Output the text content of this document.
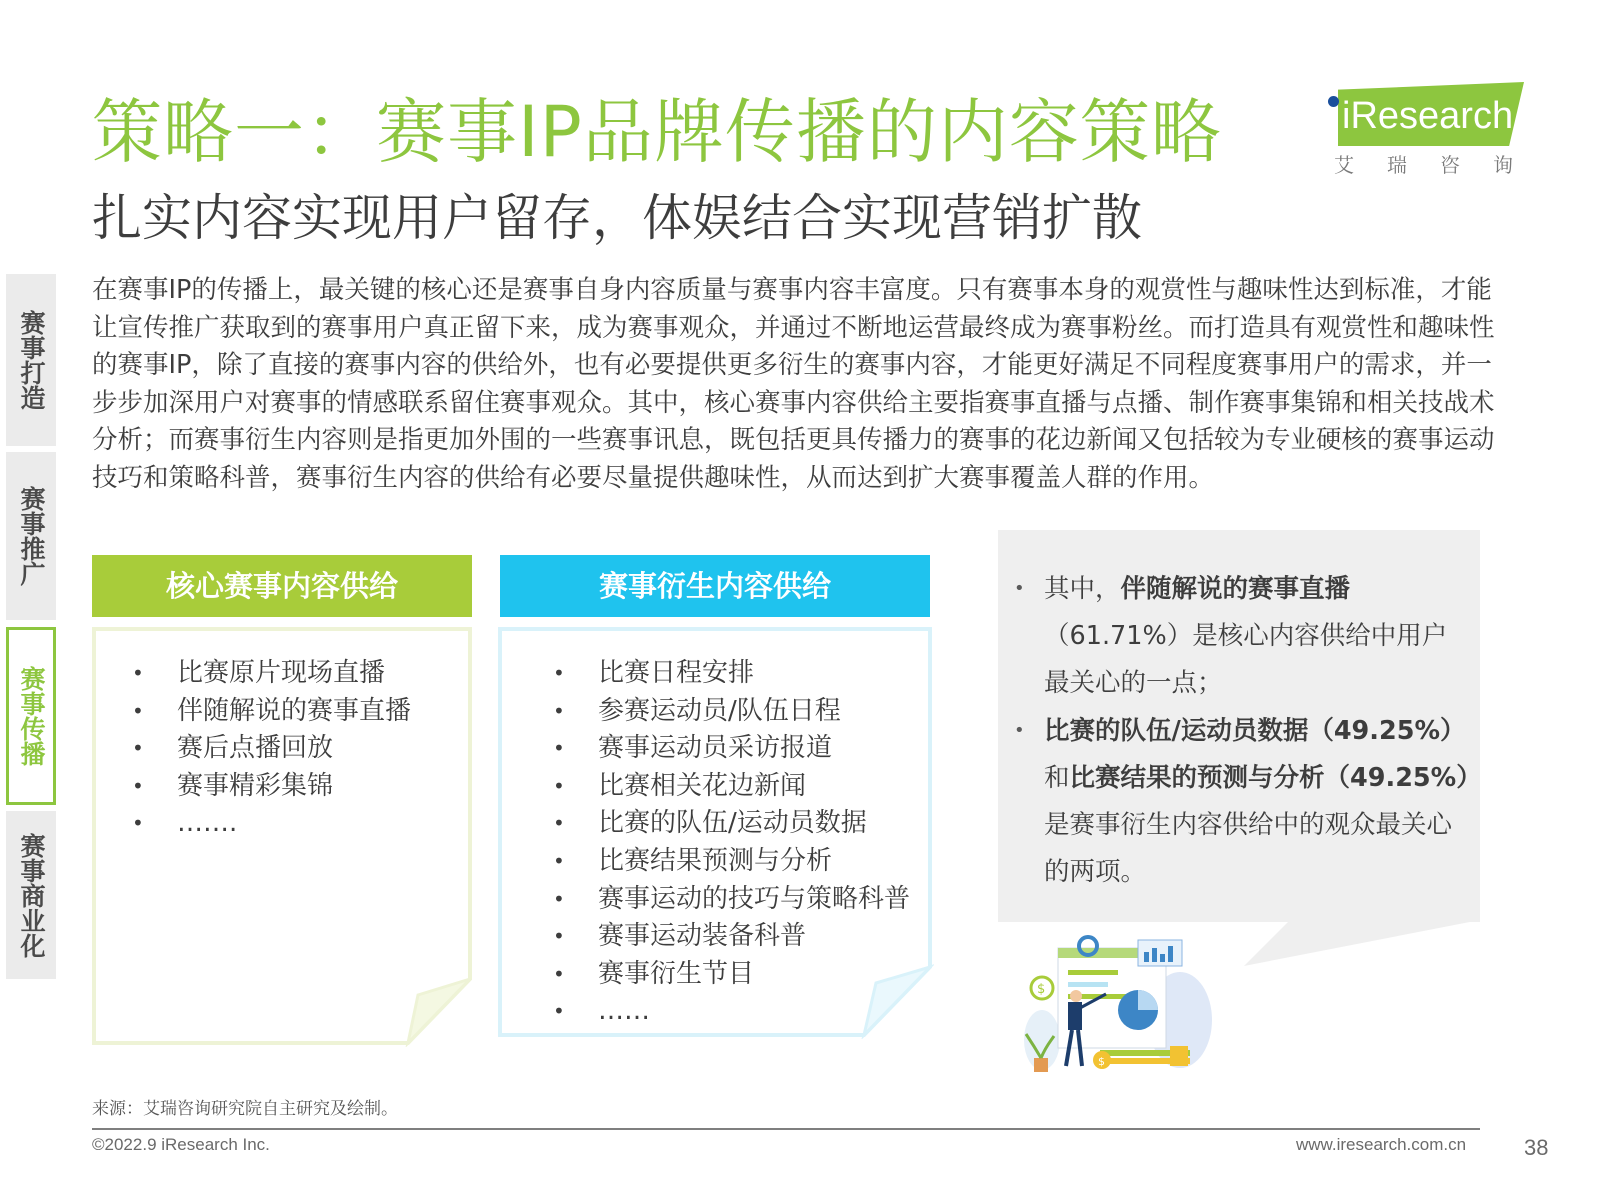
策略一：赛事IP品牌传播的内容策略
扎实内容实现用户留存，体娱结合实现营销扩散
iResearch
艾瑞咨询
赛事打造
赛事推广
赛事传播
赛事商业化
在赛事IP的传播上，最关键的核心还是赛事自身内容质量与赛事内容丰富度。只有赛事本身的观赏性与趣味性达到标准，才能让宣传推广获取到的赛事用户真正留下来，成为赛事观众，并通过不断地运营最终成为赛事粉丝。而打造具有观赏性和趣味性的赛事IP，除了直接的赛事内容的供给外，也有必要提供更多衍生的赛事内容，才能更好满足不同程度赛事用户的需求，并一步步加深用户对赛事的情感联系留住赛事观众。其中，核心赛事内容供给主要指赛事直播与点播、制作赛事集锦和相关技战术分析；而赛事衍生内容则是指更加外围的一些赛事讯息，既包括更具传播力的赛事的花边新闻又包括较为专业硬核的赛事运动技巧和策略科普，赛事衍生内容的供给有必要尽量提供趣味性，从而达到扩大赛事覆盖人群的作用。
核心赛事内容供给
• 比赛原片现场直播
• 伴随解说的赛事直播
• 赛后点播回放
• 赛事精彩集锦
• …….
赛事衍生内容供给
• 比赛日程安排
• 参赛运动员/队伍日程
• 赛事运动员采访报道
• 比赛相关花边新闻
• 比赛的队伍/运动员数据
• 比赛结果预测与分析
• 赛事运动的技巧与策略科普
• 赛事运动装备科普
• 赛事衍生节目
• ……
• 其中，伴随解说的赛事直播
（61.71%）是核心内容供给中用户
最关心的一点；
• 比赛的队伍/运动员数据（49.25%）
和比赛结果的预测与分析（49.25%）
是赛事衍生内容供给中的观众最关心
的两项。
$
$
来源：艾瑞咨询研究院自主研究及绘制。
©2022.9 iResearch Inc.	www.iresearch.com.cn	38
